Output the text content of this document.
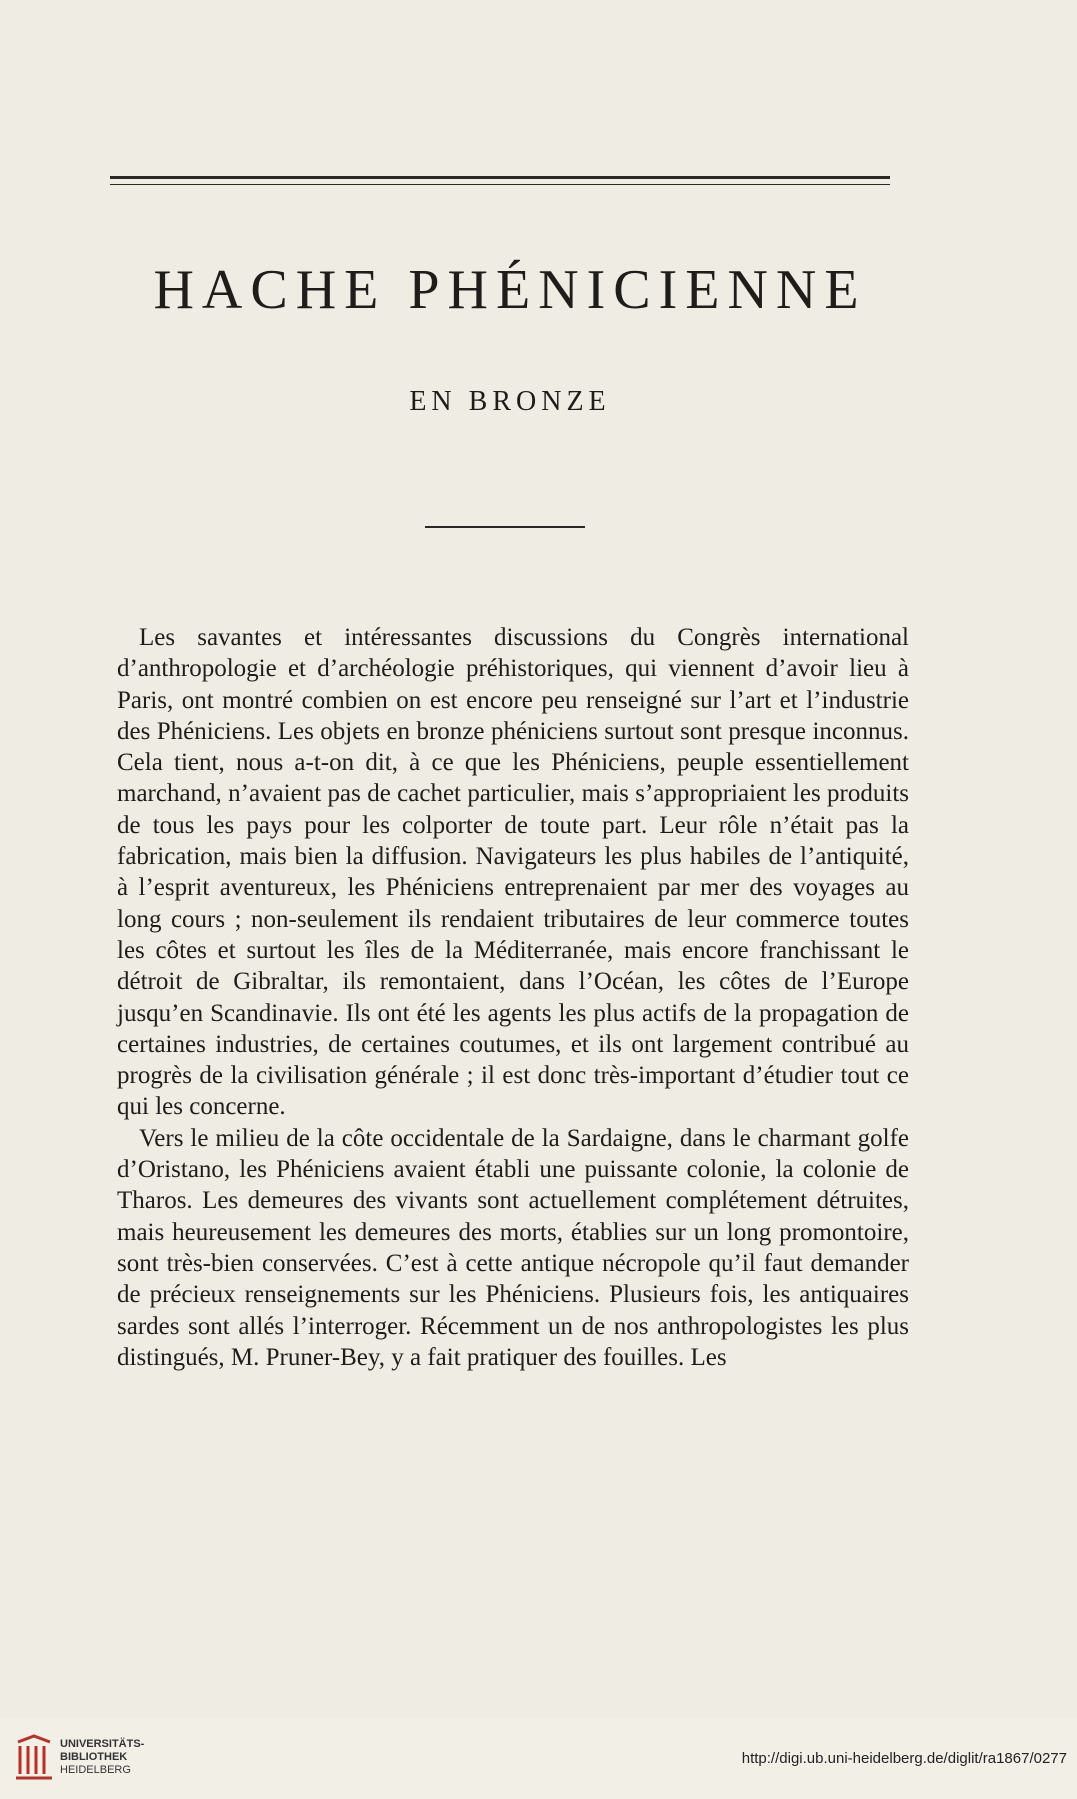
HACHE PHÉNICIENNE
EN BRONZE

Les savantes et intéressantes discussions du Congrès international d’anthropologie et d’archéologie préhistoriques, qui viennent d’avoir lieu à Paris, ont montré combien on est encore peu renseigné sur l’art et l’industrie des Phéniciens. Les objets en bronze phéniciens surtout sont presque inconnus. Cela tient, nous a-t-on dit, à ce que les Phéniciens, peuple essentiellement marchand, n’avaient pas de cachet particulier, mais s’appropriaient les produits de tous les pays pour les colporter de toute part. Leur rôle n’était pas la fabrication, mais bien la diffusion. Navigateurs les plus habiles de l’antiquité, à l’esprit aventureux, les Phéniciens entreprenaient par mer des voyages au long cours ; non-seulement ils rendaient tributaires de leur commerce toutes les côtes et surtout les îles de la Méditerranée, mais encore franchissant le détroit de Gibraltar, ils remontaient, dans l’Océan, les côtes de l’Europe jusqu’en Scandinavie. Ils ont été les agents les plus actifs de la propagation de certaines industries, de certaines coutumes, et ils ont largement contribué au progrès de la civilisation générale ; il est donc très-important d’étudier tout ce qui les concerne.

Vers le milieu de la côte occidentale de la Sardaigne, dans le charmant golfe d’Oristano, les Phéniciens avaient établi une puissante colonie, la colonie de Tharos. Les demeures des vivants sont actuellement complétement détruites, mais heureusement les demeures des morts, établies sur un long promontoire, sont très-bien conservées. C’est à cette antique nécropole qu’il faut demander de précieux renseignements sur les Phéniciens. Plusieurs fois, les antiquaires sardes sont allés l’interroger. Récemment un de nos anthropologistes les plus distingués, M. Pruner-Bey, y a fait pratiquer des fouilles. Les

UNIVERSITÄTS-
BIBLIOTHEK
HEIDELBERG
http://digi.ub.uni-heidelberg.de/diglit/ra1867/0277
